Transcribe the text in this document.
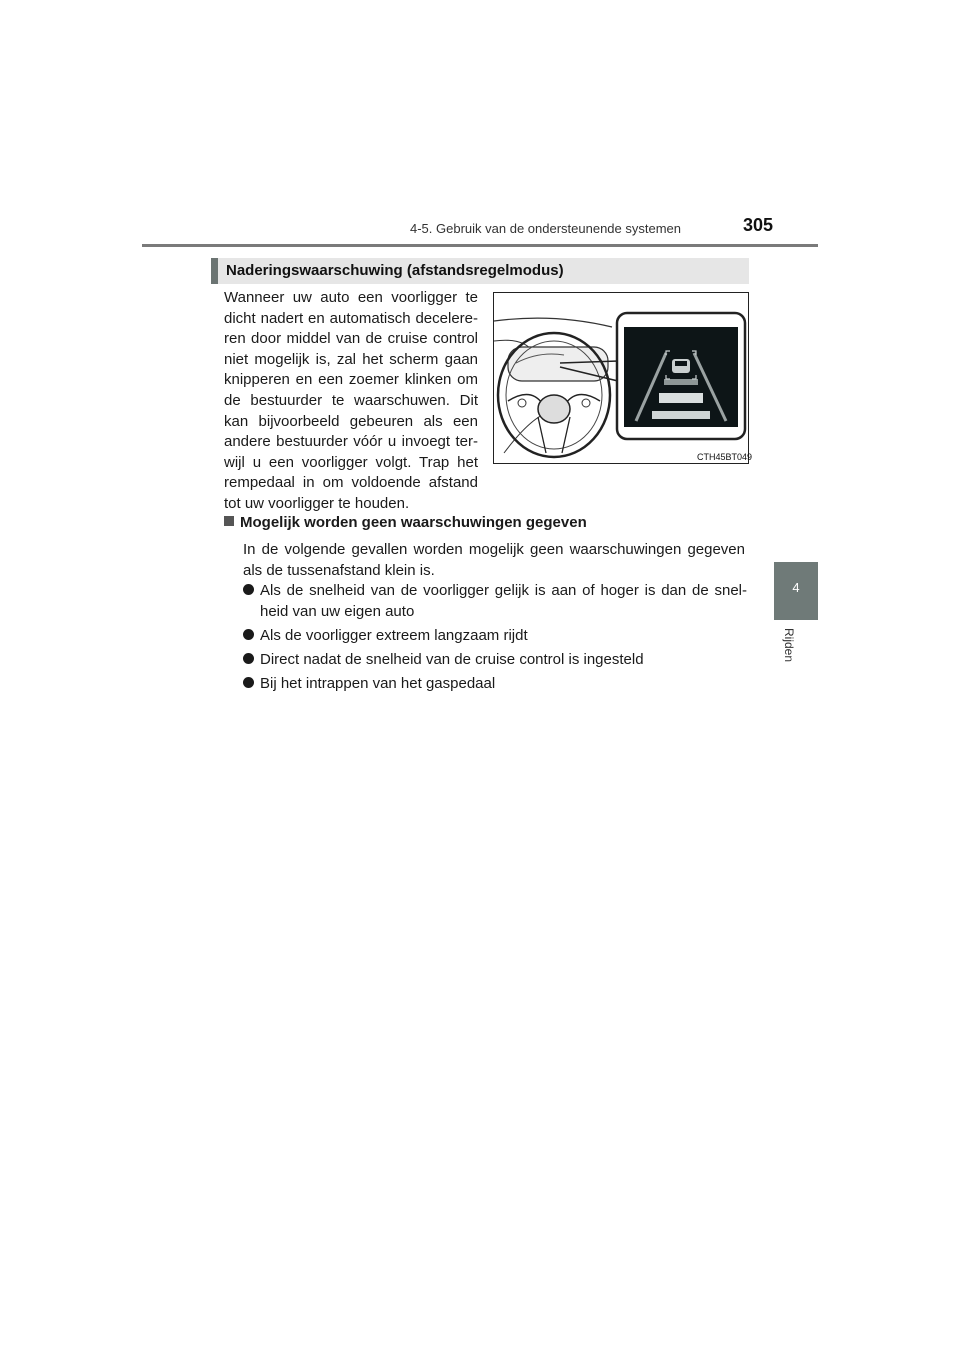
4-5. Gebruik van de ondersteunende systemen	305
4
Rijden
Naderingswaarschuwing (afstandsregelmodus)
Wanneer uw auto een voorligger te dicht nadert en automatisch decelere-ren door middel van de cruise control niet mogelijk is, zal het scherm gaan knipperen en een zoemer klinken om de bestuurder te waarschuwen. Dit kan bijvoorbeeld gebeuren als een andere bestuurder vóór u invoegt ter-wijl u een voorligger volgt. Trap het rempedaal in om voldoende afstand tot uw voorligger te houden.
CTH45BT049
Mogelijk worden geen waarschuwingen gegeven
In de volgende gevallen worden mogelijk geen waarschuwingen gegeven als de tussenafstand klein is.
Als de snelheid van de voorligger gelijk is aan of hoger is dan de snel-heid van uw eigen auto
Als de voorligger extreem langzaam rijdt
Direct nadat de snelheid van de cruise control is ingesteld
Bij het intrappen van het gaspedaal
